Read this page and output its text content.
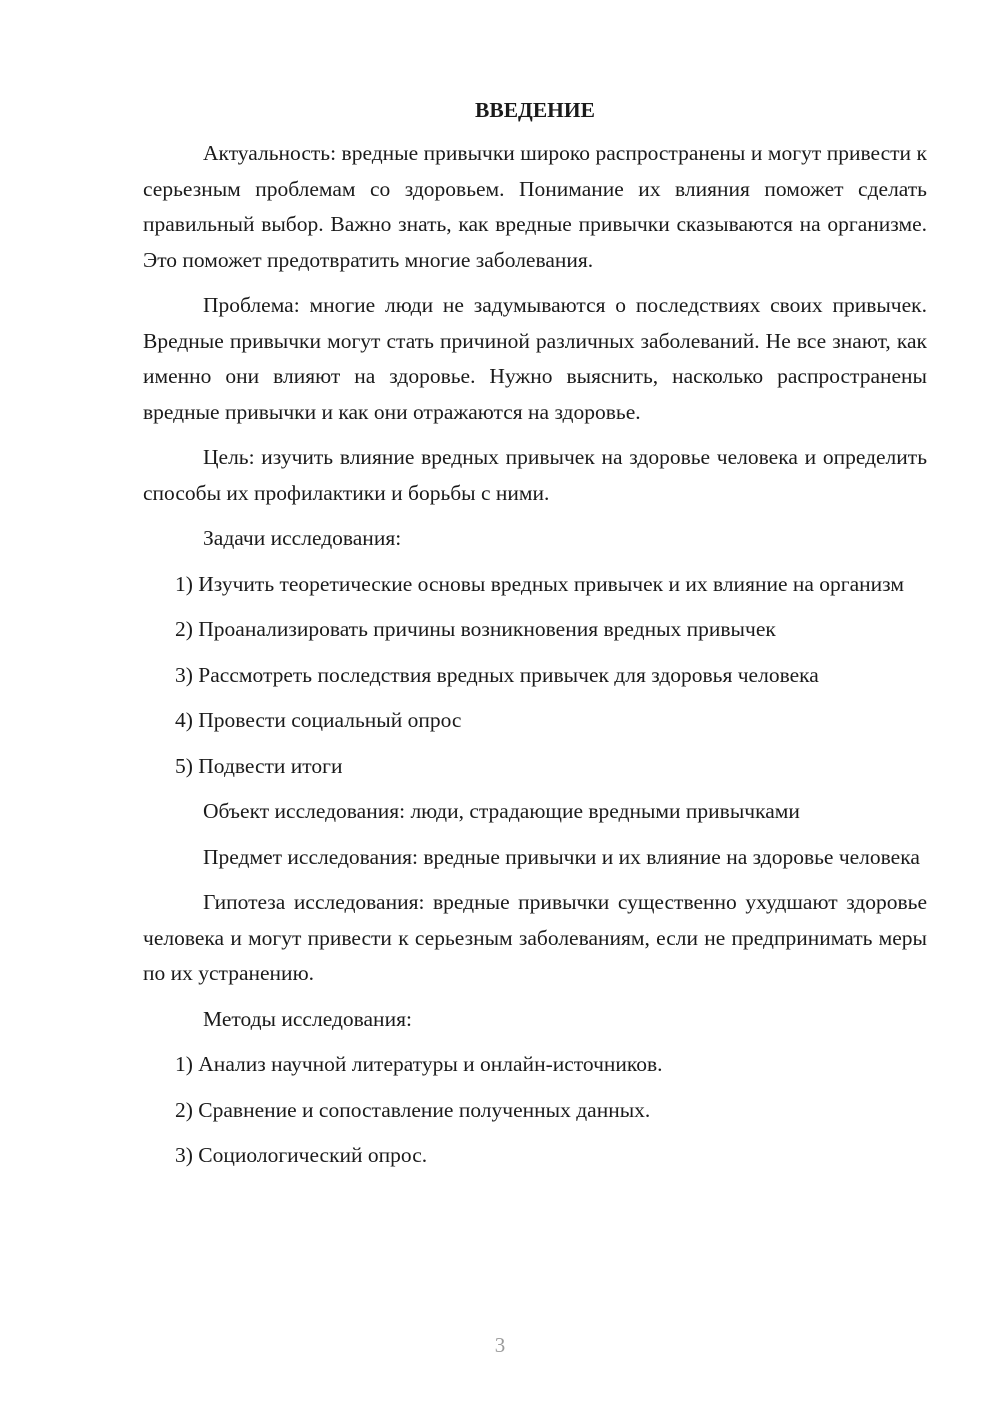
ВВЕДЕНИЕ
Актуальность: вредные привычки широко распространены и могут привести к серьезным проблемам со здоровьем. Понимание их влияния поможет сделать правильный выбор. Важно знать, как вредные привычки сказываются на организме. Это поможет предотвратить многие заболевания.
Проблема: многие люди не задумываются о последствиях своих привычек. Вредные привычки могут стать причиной различных заболеваний. Не все знают, как именно они влияют на здоровье. Нужно выяснить, насколько распространены вредные привычки и как они отражаются на здоровье.
Цель: изучить влияние вредных привычек на здоровье человека и определить способы их профилактики и борьбы с ними.
Задачи исследования:
1) Изучить теоретические основы вредных привычек и их влияние на организм
2) Проанализировать причины возникновения вредных привычек
3) Рассмотреть последствия вредных привычек для здоровья человека
4) Провести социальный опрос
5) Подвести итоги
Объект исследования: люди, страдающие вредными привычками
Предмет исследования: вредные привычки и их влияние на здоровье человека
Гипотеза исследования: вредные привычки существенно ухудшают здоровье человека и могут привести к серьезным заболеваниям, если не предпринимать меры по их устранению.
Методы исследования:
1) Анализ научной литературы и онлайн-источников.
2) Сравнение и сопоставление полученных данных.
3) Социологический опрос.
3
